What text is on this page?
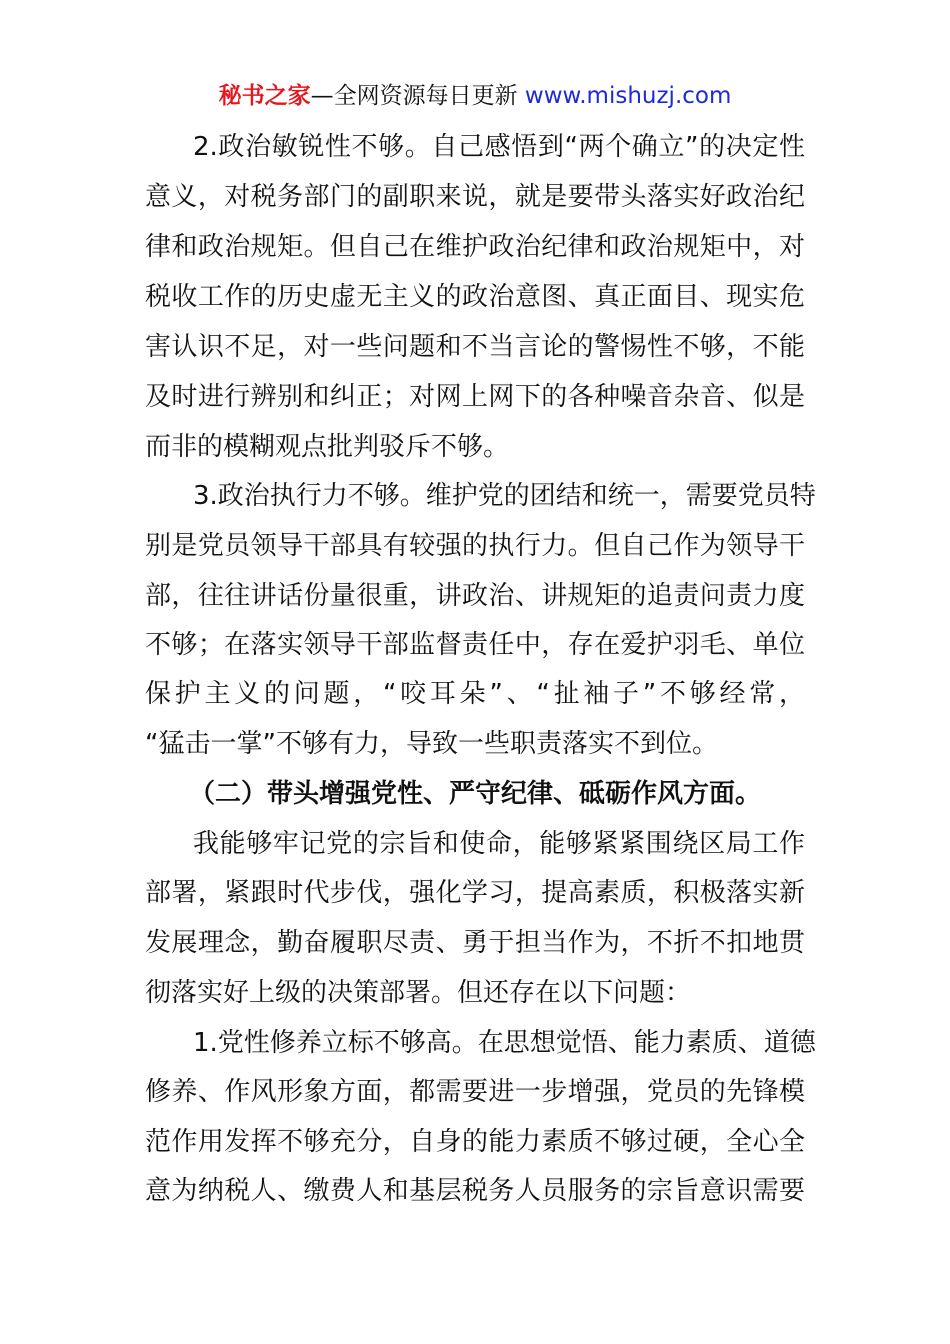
秘书之家—全网资源每日更新 www.mishuzj.com
2.政治敏锐性不够。自己感悟到“两个确立”的决定性
意义，对税务部门的副职来说，就是要带头落实好政治纪
律和政治规矩。但自己在维护政治纪律和政治规矩中，对
税收工作的历史虚无主义的政治意图、真正面目、现实危
害认识不足，对一些问题和不当言论的警惕性不够，不能
及时进行辨别和纠正；对网上网下的各种噪音杂音、似是
而非的模糊观点批判驳斥不够。
3.政治执行力不够。维护党的团结和统一，需要党员特
别是党员领导干部具有较强的执行力。但自己作为领导干
部，往往讲话份量很重，讲政治、讲规矩的追责问责力度
不够；在落实领导干部监督责任中，存在爱护羽毛、单位
保护主义的问题，“咬耳朵”、“扯袖子”不够经常，
“猛击一掌”不够有力，导致一些职责落实不到位。
（二）带头增强党性、严守纪律、砥砺作风方面。
我能够牢记党的宗旨和使命，能够紧紧围绕区局工作
部署，紧跟时代步伐，强化学习，提高素质，积极落实新
发展理念，勤奋履职尽责、勇于担当作为，不折不扣地贯
彻落实好上级的决策部署。但还存在以下问题：
1.党性修养立标不够高。在思想觉悟、能力素质、道德
修养、作风形象方面，都需要进一步增强，党员的先锋模
范作用发挥不够充分，自身的能力素质不够过硬，全心全
意为纳税人、缴费人和基层税务人员服务的宗旨意识需要
